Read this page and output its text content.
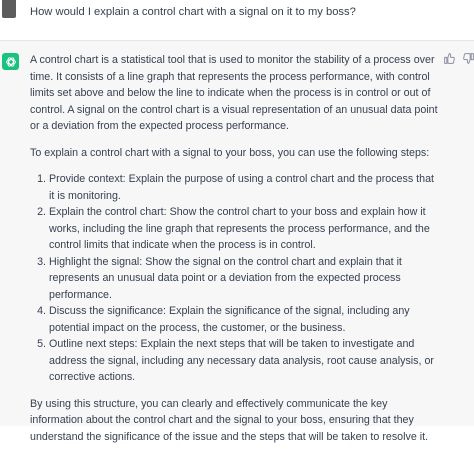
How would I explain a control chart with a signal on it to my boss?

A control chart is a statistical tool that is used to monitor the stability of a process over time. It consists of a line graph that represents the process performance, with control limits set above and below the line to indicate when the process is in control or out of control. A signal on the control chart is a visual representation of an unusual data point or a deviation from the expected process performance.

To explain a control chart with a signal to your boss, you can use the following steps:

1. Provide context: Explain the purpose of using a control chart and the process that it is monitoring.
2. Explain the control chart: Show the control chart to your boss and explain how it works, including the line graph that represents the process performance, and the control limits that indicate when the process is in control.
3. Highlight the signal: Show the signal on the control chart and explain that it represents an unusual data point or a deviation from the expected process performance.
4. Discuss the significance: Explain the significance of the signal, including any potential impact on the process, the customer, or the business.
5. Outline next steps: Explain the next steps that will be taken to investigate and address the signal, including any necessary data analysis, root cause analysis, or corrective actions.

By using this structure, you can clearly and effectively communicate the key information about the control chart and the signal to your boss, ensuring that they understand the significance of the issue and the steps that will be taken to resolve it.
